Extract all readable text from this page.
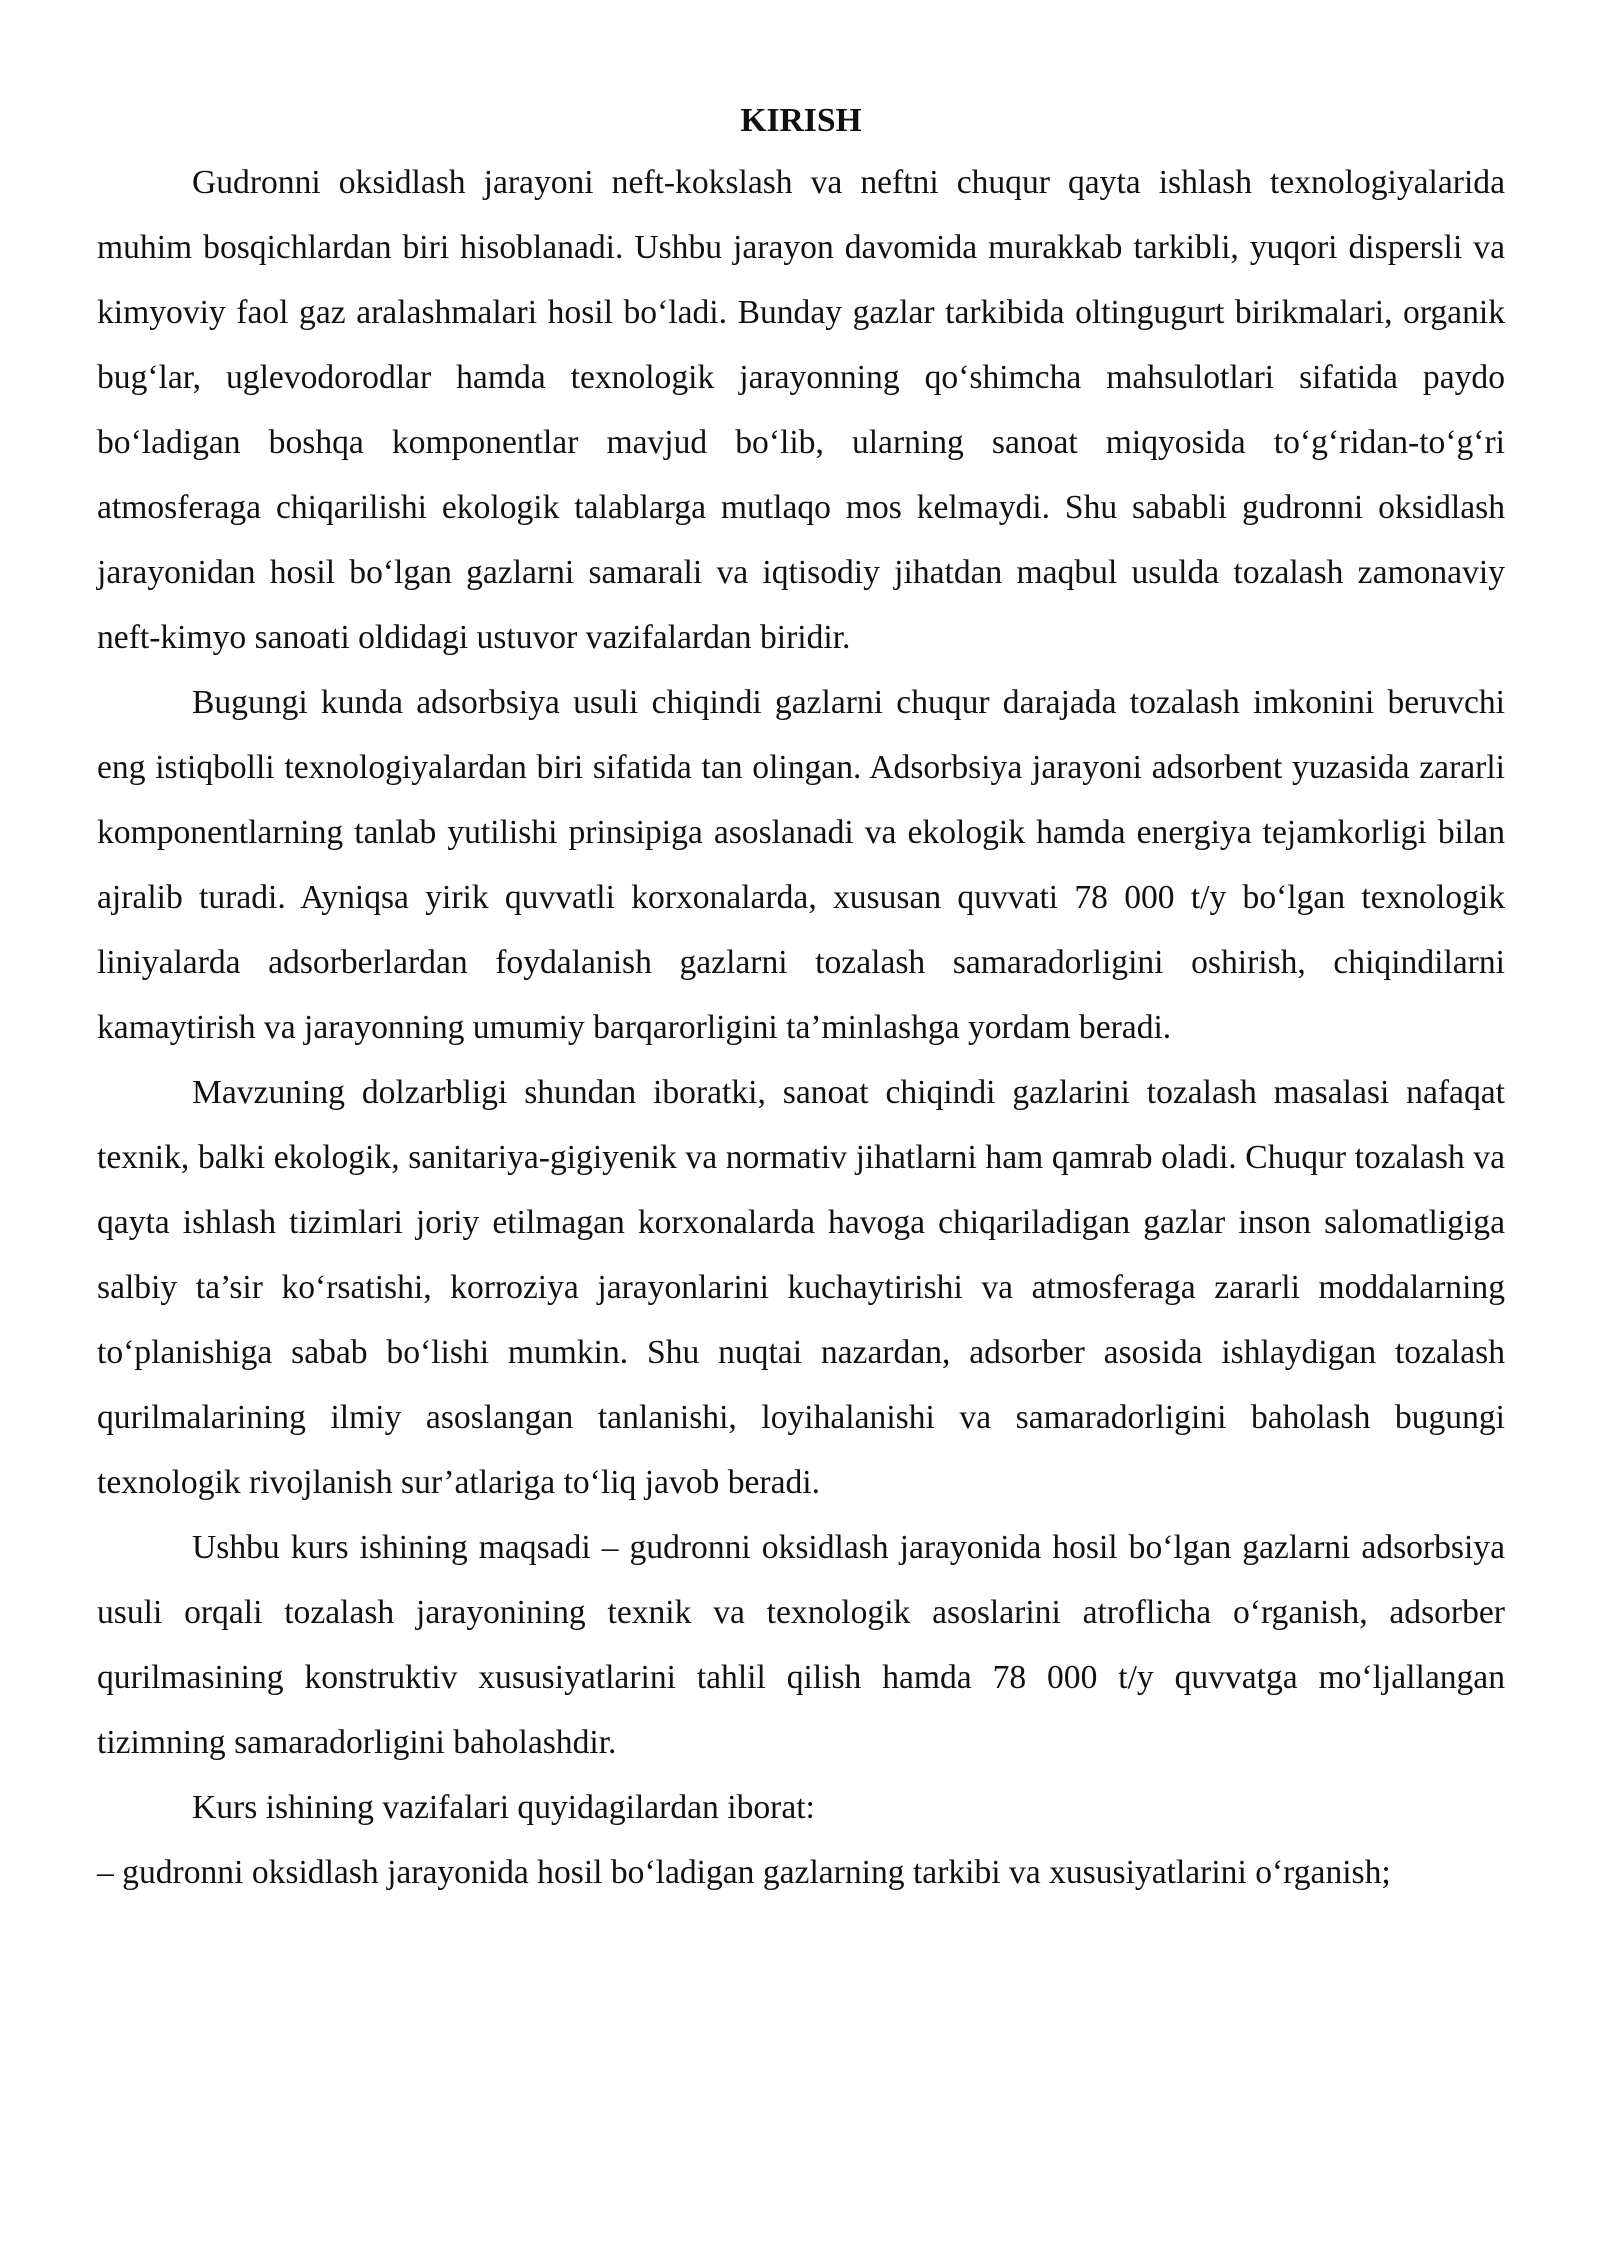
KIRISH

Gudronni oksidlash jarayoni neft-kokslash va neftni chuqur qayta ishlash texnologiyalarida muhim bosqichlardan biri hisoblanadi. Ushbu jarayon davomida murakkab tarkibli, yuqori dispersli va kimyoviy faol gaz aralashmalari hosil bo‘ladi. Bunday gazlar tarkibida oltingugurt birikmalari, organik bug‘lar, uglevodorodlar hamda texnologik jarayonning qo‘shimcha mahsulotlari sifatida paydo bo‘ladigan boshqa komponentlar mavjud bo‘lib, ularning sanoat miqyosida to‘g‘ridan-to‘g‘ri atmosferaga chiqarilishi ekologik talablarga mutlaqo mos kelmaydi. Shu sababli gudronni oksidlash jarayonidan hosil bo‘lgan gazlarni samarali va iqtisodiy jihatdan maqbul usulda tozalash zamonaviy neft-kimyo sanoati oldidagi ustuvor vazifalardan biridir.

Bugungi kunda adsorbsiya usuli chiqindi gazlarni chuqur darajada tozalash imkonini beruvchi eng istiqbolli texnologiyalardan biri sifatida tan olingan. Adsorbsiya jarayoni adsorbent yuzasida zararli komponentlarning tanlab yutilishi prinsipiga asoslanadi va ekologik hamda energiya tejamkorligi bilan ajralib turadi. Ayniqsa yirik quvvatli korxonalarda, xususan quvvati 78 000 t/y bo‘lgan texnologik liniyalarda adsorberlardan foydalanish gazlarni tozalash samaradorligini oshirish, chiqindilarni kamaytirish va jarayonning umumiy barqarorligini ta’minlashga yordam beradi.

Mavzuning dolzarbligi shundan iboratki, sanoat chiqindi gazlarini tozalash masalasi nafaqat texnik, balki ekologik, sanitariya-gigiyenik va normativ jihatlarni ham qamrab oladi. Chuqur tozalash va qayta ishlash tizimlari joriy etilmagan korxonalarda havoga chiqariladigan gazlar inson salomatligiga salbiy ta’sir ko‘rsatishi, korroziya jarayonlarini kuchaytirishi va atmosferaga zararli moddalarning to‘planishiga sabab bo‘lishi mumkin. Shu nuqtai nazardan, adsorber asosida ishlaydigan tozalash qurilmalarining ilmiy asoslangan tanlanishi, loyihalanishi va samaradorligini baholash bugungi texnologik rivojlanish sur’atlariga to‘liq javob beradi.

Ushbu kurs ishining maqsadi – gudronni oksidlash jarayonida hosil bo‘lgan gazlarni adsorbsiya usuli orqali tozalash jarayonining texnik va texnologik asoslarini atroflicha o‘rganish, adsorber qurilmasining konstruktiv xususiyatlarini tahlil qilish hamda 78 000 t/y quvvatga mo‘ljallangan tizimning samaradorligini baholashdir.

Kurs ishining vazifalari quyidagilardan iborat:

– gudronni oksidlash jarayonida hosil bo‘ladigan gazlarning tarkibi va xususiyatlarini o‘rganish;
